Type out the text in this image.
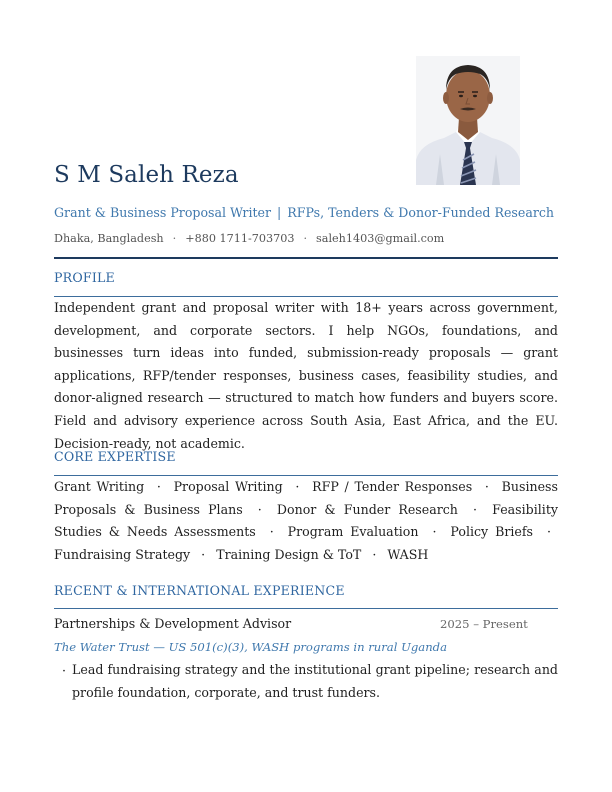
S M Saleh Reza
Grant & Business Proposal Writer | RFPs, Tenders & Donor-Funded Research
Dhaka, Bangladesh · +880 1711-703703 · saleh1403@gmail.com
PROFILE
Independent grant and proposal writer with 18+ years across government, development, and corporate sectors. I help NGOs, foundations, and businesses turn ideas into funded, submission-ready proposals — grant applications, RFP/tender responses, business cases, feasibility studies, and donor-aligned research — structured to match how funders and buyers score. Field and advisory experience across South Asia, East Africa, and the EU. Decision-ready, not academic.
CORE EXPERTISE
Grant Writing · Proposal Writing · RFP / Tender Responses · Business Proposals & Business Plans · Donor & Funder Research · Feasibility Studies & Needs Assessments · Program Evaluation · Policy Briefs · Fundraising Strategy · Training Design & ToT · WASH
RECENT & INTERNATIONAL EXPERIENCE
Partnerships & Development Advisor	2025 – Present
The Water Trust — US 501(c)(3), WASH programs in rural Uganda
· Lead fundraising strategy and the institutional grant pipeline; research and profile foundation, corporate, and trust funders.
